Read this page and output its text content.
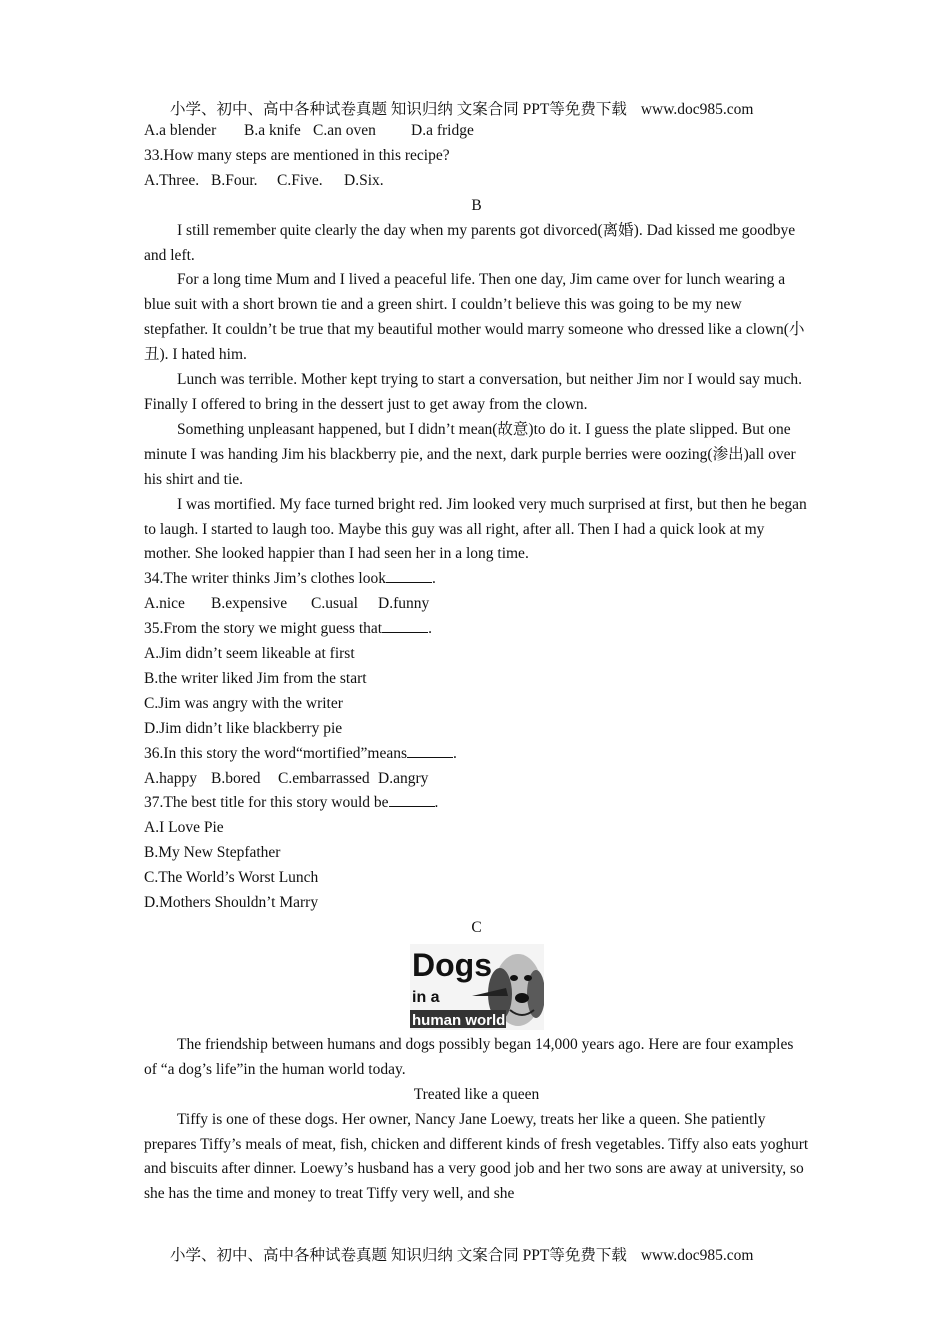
小学、初中、高中各种试卷真题 知识归纳 文案合同 PPT等免费下载 www.doc985.com

A.a blender B.a knife C.an oven D.a fridge

33.How many steps are mentioned in this recipe?

A.Three. B.Four. C.Five. D.Six.

B

I still remember quite clearly the day when my parents got divorced(离婚). Dad kissed me goodbye and left.

For a long time Mum and I lived a peaceful life. Then one day, Jim came over for lunch wearing a blue suit with a short brown tie and a green shirt. I couldn’t believe this was going to be my new stepfather. It couldn’t be true that my beautiful mother would marry someone who dressed like a clown(小丑). I hated him.

Lunch was terrible. Mother kept trying to start a conversation, but neither Jim nor I would say much. Finally I offered to bring in the dessert just to get away from the clown.

Something unpleasant happened, but I didn’t mean(故意)to do it. I guess the plate slipped. But one minute I was handing Jim his blackberry pie, and the next, dark purple berries were oozing(渗出)all over his shirt and tie.

I was mortified. My face turned bright red. Jim looked very much surprised at first, but then he began to laugh. I started to laugh too. Maybe this guy was all right, after all. Then I had a quick look at my mother. She looked happier than I had seen her in a long time.

34.The writer thinks Jim’s clothes look	.

A.nice B.expensive C.usual D.funny

35.From the story we might guess that	.

A.Jim didn’t seem likeable at first

B.the writer liked Jim from the start

C.Jim was angry with the writer

D.Jim didn’t like blackberry pie

36.In this story the word“mortified”means	.

A.happy B.bored C.embarrassed D.angry

37.The best title for this story would be	.

A.I Love Pie

B.My New Stepfather

C.The World’s Worst Lunch

D.Mothers Shouldn’t Marry

C

Dogs
in a
human world

The friendship between humans and dogs possibly began 14,000 years ago. Here are four examples of “a dog’s life”in the human world today.

Treated like a queen

Tiffy is one of these dogs. Her owner, Nancy Jane Loewy, treats her like a queen. She patiently prepares Tiffy’s meals of meat, fish, chicken and different kinds of fresh vegetables. Tiffy also eats yoghurt and biscuits after dinner. Loewy’s husband has a very good job and her two sons are away at university, so she has the time and money to treat Tiffy very well, and she

小学、初中、高中各种试卷真题 知识归纳 文案合同 PPT等免费下载 www.doc985.com
